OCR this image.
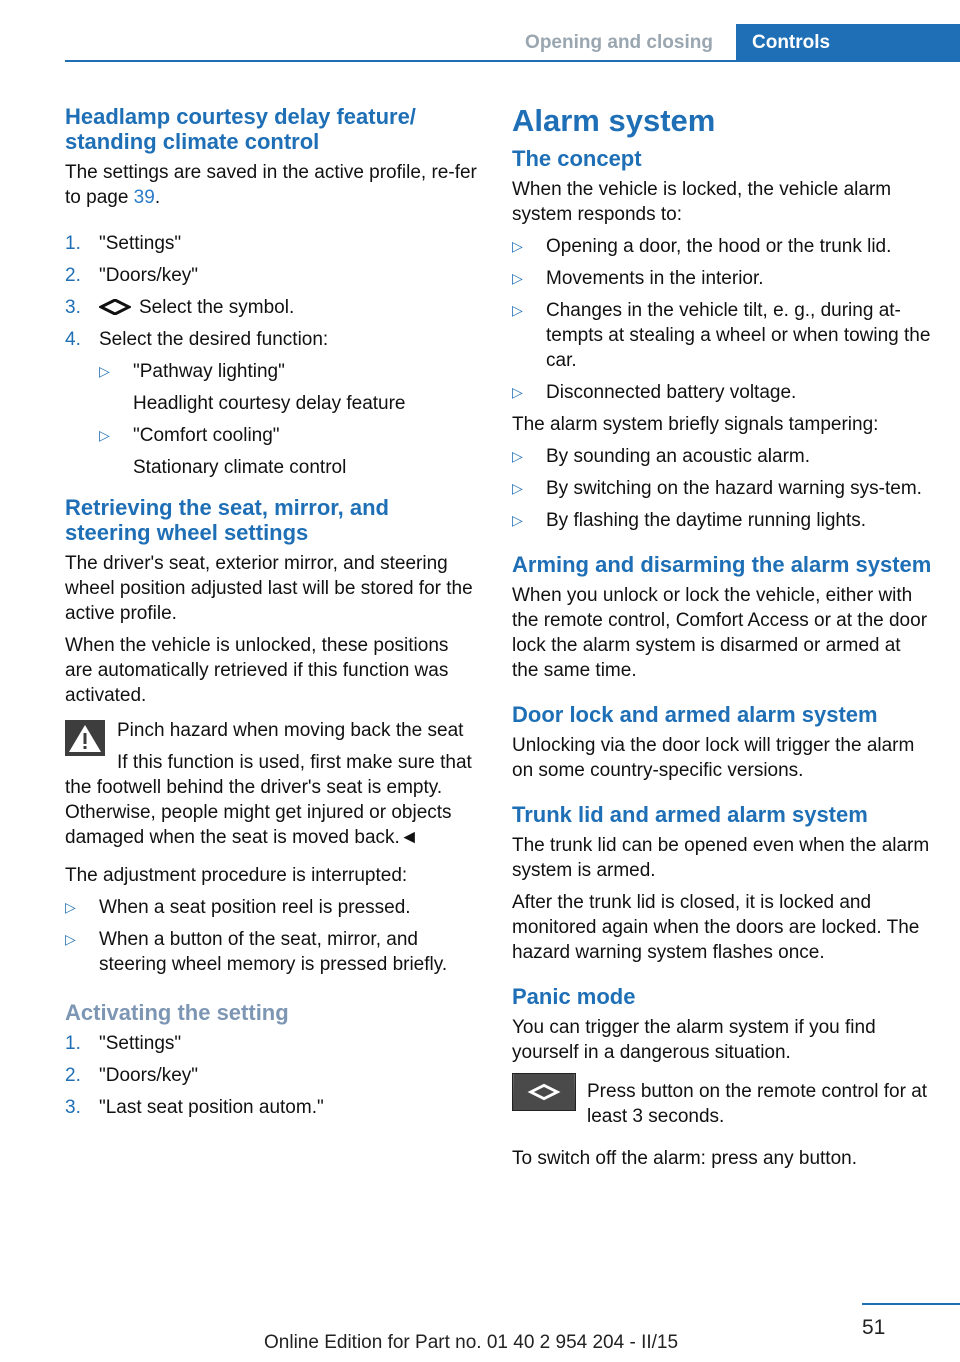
Opening and closing	Controls
Headlamp courtesy delay feature/ standing climate control

The settings are saved in the active profile, re-fer to page 39.

1. "Settings"
2. "Doors/key"
3.	Select the symbol.
4. Select the desired function:
▷ "Pathway lighting"
Headlight courtesy delay feature
▷ "Comfort cooling"
Stationary climate control
Retrieving the seat, mirror, and steering wheel settings

The driver's seat, exterior mirror, and steering wheel position adjusted last will be stored for the active profile.

When the vehicle is unlocked, these positions are automatically retrieved if this function was activated.

Pinch hazard when moving back the seat

If this function is used, first make sure that the footwell behind the driver's seat is empty. Otherwise, people might get injured or objects damaged when the seat is moved back.◄

The adjustment procedure is interrupted:

▷ When a seat position reel is pressed.
▷ When a button of the seat, mirror, and steering wheel memory is pressed briefly.
Activating the setting
1. "Settings"
2. "Doors/key"
3. "Last seat position autom."
Alarm system
The concept

When the vehicle is locked, the vehicle alarm system responds to:

▷ Opening a door, the hood or the trunk lid.
▷ Movements in the interior.
▷ Changes in the vehicle tilt, e. g., during at-tempts at stealing a wheel or when towing the car.
▷ Disconnected battery voltage.

The alarm system briefly signals tampering:

▷ By sounding an acoustic alarm.
▷ By switching on the hazard warning sys-tem.
▷ By flashing the daytime running lights.
Arming and disarming the alarm system

When you unlock or lock the vehicle, either with the remote control, Comfort Access or at the door lock the alarm system is disarmed or armed at the same time.

Door lock and armed alarm system

Unlocking via the door lock will trigger the alarm on some country-specific versions.

Trunk lid and armed alarm system

The trunk lid can be opened even when the alarm system is armed.

After the trunk lid is closed, it is locked and monitored again when the doors are locked. The hazard warning system flashes once.

Panic mode

You can trigger the alarm system if you find yourself in a dangerous situation.

Press button on the remote control for at least 3 seconds.

To switch off the alarm: press any button.

51
Online Edition for Part no. 01 40 2 954 204 - II/15
